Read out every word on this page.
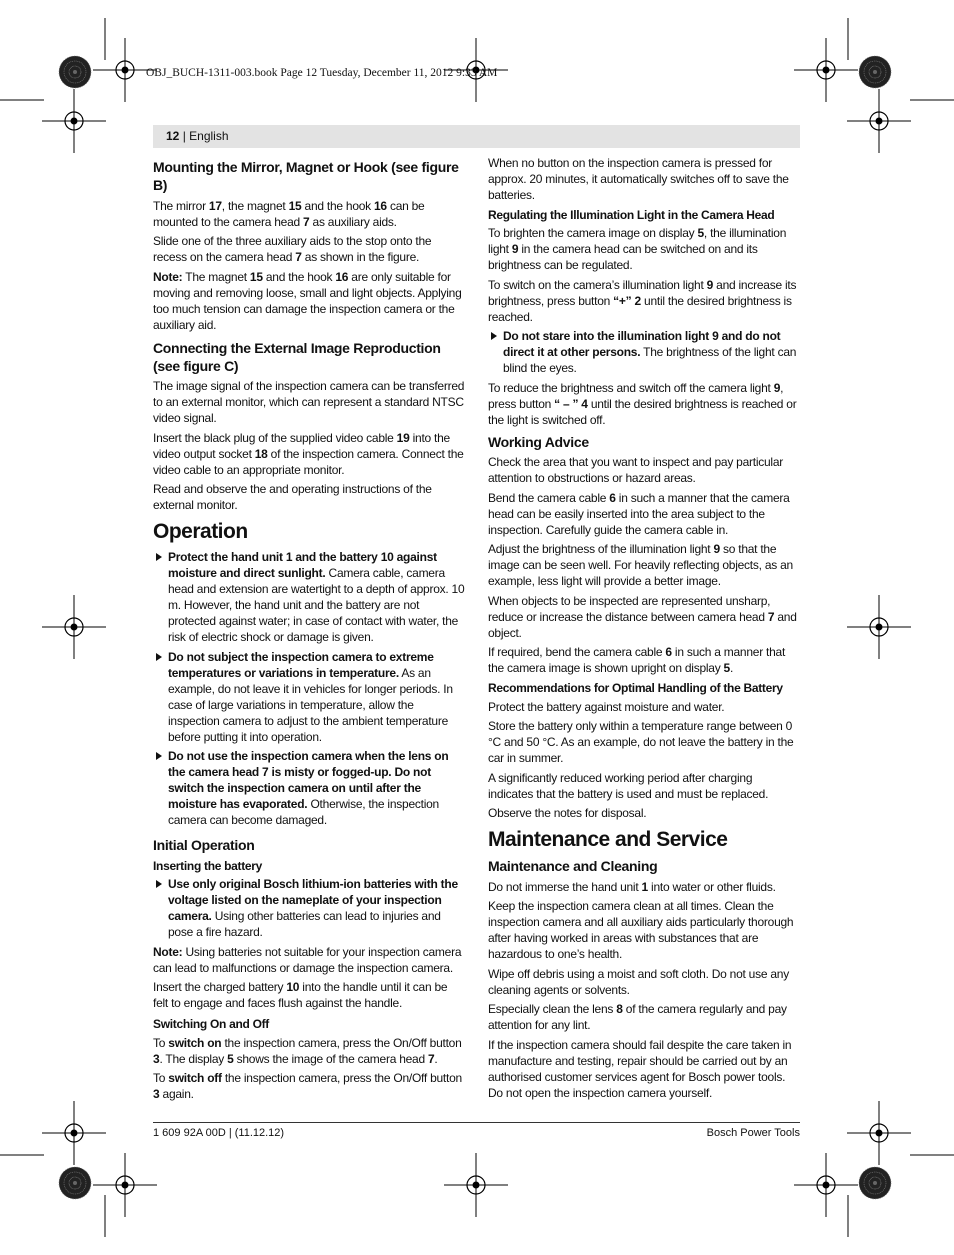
OBJ_BUCH-1311-003.book Page 12 Tuesday, December 11, 2012 9:33 AM
12 | English
Mounting the Mirror, Magnet or Hook (see figure B)

The mirror 17, the magnet 15 and the hook 16 can be mounted to the camera head 7 as auxiliary aids.

Slide one of the three auxiliary aids to the stop onto the recess on the camera head 7 as shown in the figure.

Note: The magnet 15 and the hook 16 are only suitable for moving and removing loose, small and light objects. Applying too much tension can damage the inspection camera or the auxiliary aid.

Connecting the External Image Reproduction (see figure C)

The image signal of the inspection camera can be transferred to an external monitor, which can represent a standard NTSC video signal.

Insert the black plug of the supplied video cable 19 into the video output socket 18 of the inspection camera. Connect the video cable to an appropriate monitor.

Read and observe the and operating instructions of the external monitor.

Operation
Protect the hand unit 1 and the battery 10 against moisture and direct sunlight. Camera cable, camera head and extension are watertight to a depth of approx. 10 m. However, the hand unit and the battery are not protected against water; in case of contact with water, the risk of electric shock or damage is given.
Do not subject the inspection camera to extreme temperatures or variations in temperature. As an example, do not leave it in vehicles for longer periods. In case of large variations in temperature, allow the inspection camera to adjust to the ambient temperature before putting it into operation.
Do not use the inspection camera when the lens on the camera head 7 is misty or fogged-up. Do not switch the inspection camera on until after the moisture has evaporated. Otherwise, the inspection camera can become damaged.
Initial Operation
Inserting the battery
Use only original Bosch lithium-ion batteries with the voltage listed on the nameplate of your inspection camera. Using other batteries can lead to injuries and pose a fire hazard.

Note: Using batteries not suitable for your inspection camera can lead to malfunctions or damage the inspection camera.

Insert the charged battery 10 into the handle until it can be felt to engage and faces flush against the handle.

Switching On and Off

To switch on the inspection camera, press the On/Off button 3. The display 5 shows the image of the camera head 7.

To switch off the inspection camera, press the On/Off button 3 again.

When no button on the inspection camera is pressed for approx. 20 minutes, it automatically switches off to save the batteries.

Regulating the Illumination Light in the Camera Head

To brighten the camera image on display 5, the illumination light 9 in the camera head can be switched on and its brightness can be regulated.

To switch on the camera’s illumination light 9 and increase its brightness, press button “+” 2 until the desired brightness is reached.

Do not stare into the illumination light 9 and do not direct it at other persons. The brightness of the light can blind the eyes.

To reduce the brightness and switch off the camera light 9, press button “ – ” 4 until the desired brightness is reached or the light is switched off.

Working Advice

Check the area that you want to inspect and pay particular attention to obstructions or hazard areas.

Bend the camera cable 6 in such a manner that the camera head can be easily inserted into the area subject to the inspection. Carefully guide the camera cable in.

Adjust the brightness of the illumination light 9 so that the image can be seen well. For heavily reflecting objects, as an example, less light will provide a better image.

When objects to be inspected are represented unsharp, reduce or increase the distance between camera head 7 and object.

If required, bend the camera cable 6 in such a manner that the camera image is shown upright on display 5.

Recommendations for Optimal Handling of the Battery

Protect the battery against moisture and water.

Store the battery only within a temperature range between 0 °C and 50 °C. As an example, do not leave the battery in the car in summer.

A significantly reduced working period after charging indicates that the battery is used and must be replaced.

Observe the notes for disposal.

Maintenance and Service
Maintenance and Cleaning

Do not immerse the hand unit 1 into water or other fluids.

Keep the inspection camera clean at all times. Clean the inspection camera and all auxiliary aids particularly thorough after having worked in areas with substances that are hazardous to one’s health.

Wipe off debris using a moist and soft cloth. Do not use any cleaning agents or solvents.

Especially clean the lens 8 of the camera regularly and pay attention for any lint.

If the inspection camera should fail despite the care taken in manufacture and testing, repair should be carried out by an authorised customer services agent for Bosch power tools. Do not open the inspection camera yourself.

1 609 92A 00D | (11.12.12)	Bosch Power Tools
